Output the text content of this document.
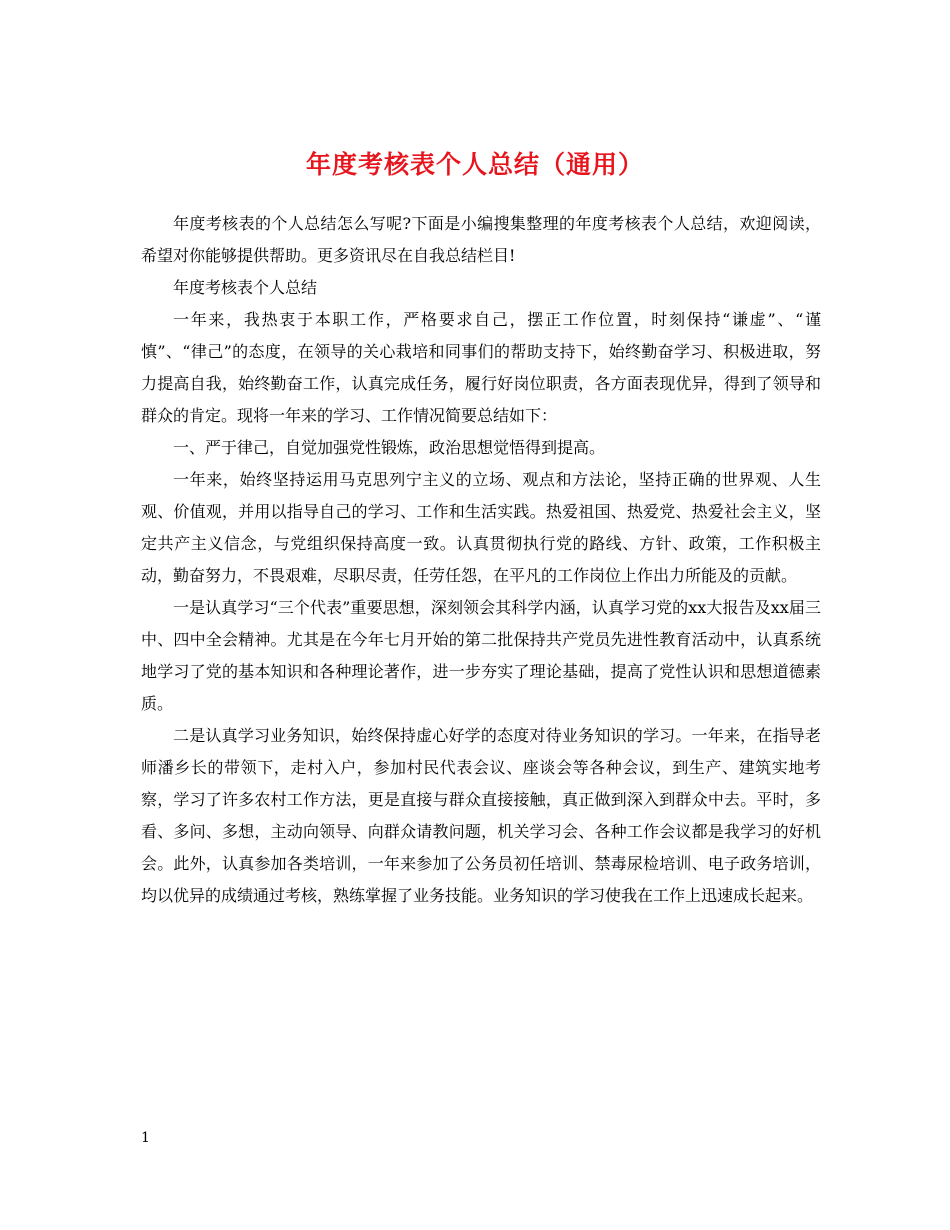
年度考核表个人总结（通用）

年度考核表的个人总结怎么写呢?下面是小编搜集整理的年度考核表个人总结，欢迎阅读，希望对你能够提供帮助。更多资讯尽在自我总结栏目!

年度考核表个人总结

一年来，我热衷于本职工作，严格要求自己，摆正工作位置，时刻保持“谦虚”、“谨慎”、“律己”的态度，在领导的关心栽培和同事们的帮助支持下，始终勤奋学习、积极进取，努力提高自我，始终勤奋工作，认真完成任务，履行好岗位职责，各方面表现优异，得到了领导和群众的肯定。现将一年来的学习、工作情况简要总结如下：

一、严于律己，自觉加强党性锻炼，政治思想觉悟得到提高。

一年来，始终坚持运用马克思列宁主义的立场、观点和方法论，坚持正确的世界观、人生观、价值观，并用以指导自己的学习、工作和生活实践。热爱祖国、热爱党、热爱社会主义，坚定共产主义信念，与党组织保持高度一致。认真贯彻执行党的路线、方针、政策，工作积极主动，勤奋努力，不畏艰难，尽职尽责，任劳任怨，在平凡的工作岗位上作出力所能及的贡献。

一是认真学习“三个代表”重要思想，深刻领会其科学内涵，认真学习党的xx大报告及xx届三中、四中全会精神。尤其是在今年七月开始的第二批保持共产党员先进性教育活动中，认真系统地学习了党的基本知识和各种理论著作，进一步夯实了理论基础，提高了党性认识和思想道德素质。

二是认真学习业务知识，始终保持虚心好学的态度对待业务知识的学习。一年来，在指导老师潘乡长的带领下，走村入户，参加村民代表会议、座谈会等各种会议，到生产、建筑实地考察，学习了许多农村工作方法，更是直接与群众直接接触，真正做到深入到群众中去。平时，多看、多问、多想，主动向领导、向群众请教问题，机关学习会、各种工作会议都是我学习的好机会。此外，认真参加各类培训，一年来参加了公务员初任培训、禁毒尿检培训、电子政务培训，均以优异的成绩通过考核，熟练掌握了业务技能。业务知识的学习使我在工作上迅速成长起来。

1
